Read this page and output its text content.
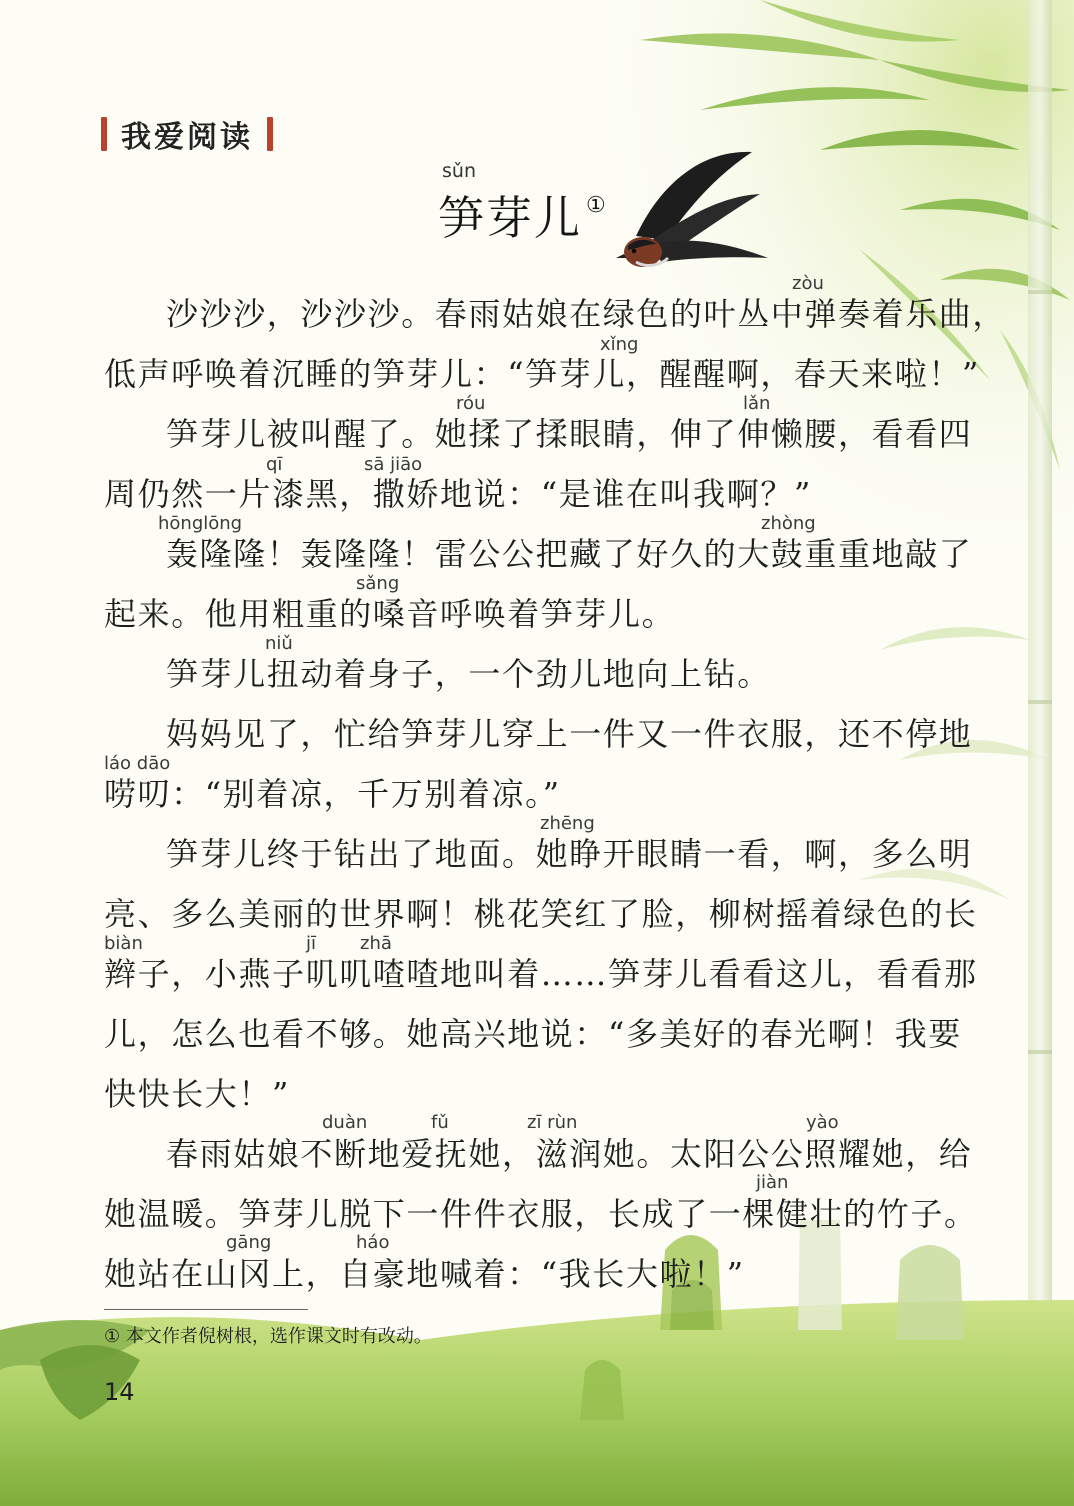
我爱阅读
sǔn
笋芽儿 ①
zòu
xǐng
róu	lǎn
qī	sā jiāo
hōnglōng	zhòng
sǎng
niǔ
láo dāo
zhēng
biàn	jī zhā
duàn	fǔ	zī rùn	yào
jiàn
gāng	háo
沙沙沙，沙沙沙。春雨姑娘在绿色的叶丛中弹奏着乐曲，
低声呼唤着沉睡的笋芽儿：“笋芽儿，醒醒啊，春天来啦！”
笋芽儿被叫醒了。她揉了揉眼睛，伸了伸懒腰，看看四
周仍然一片漆黑，撒娇地说：“是谁在叫我啊？”
轰隆隆！轰隆隆！雷公公把藏了好久的大鼓重重地敲了
起来。他用粗重的嗓音呼唤着笋芽儿。
笋芽儿扭动着身子，一个劲儿地向上钻。
妈妈见了，忙给笋芽儿穿上一件又一件衣服，还不停地
唠叨：“别着凉，千万别着凉。”
笋芽儿终于钻出了地面。她睁开眼睛一看，啊，多么明
亮、多么美丽的世界啊！桃花笑红了脸，柳树摇着绿色的长
辫子，小燕子叽叽喳喳地叫着……笋芽儿看看这儿，看看那
儿，怎么也看不够。她高兴地说：“多美好的春光啊！我要
快快长大！”
春雨姑娘不断地爱抚她，滋润她。太阳公公照耀她，给
她温暖。笋芽儿脱下一件件衣服，长成了一棵健壮的竹子。
她站在山冈上，自豪地喊着：“我长大啦！”
① 本文作者倪树根，选作课文时有改动。
14
